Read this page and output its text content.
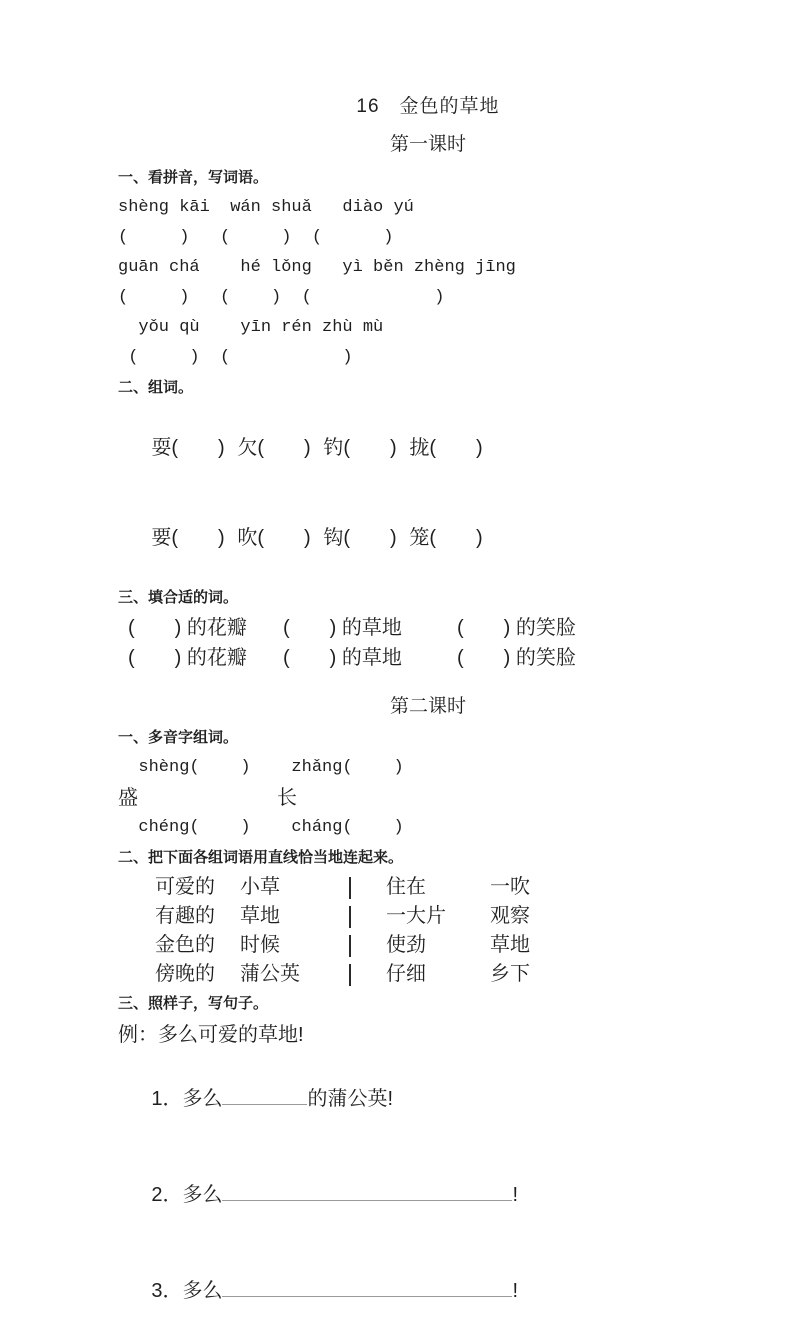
16　金色的草地
第一课时
一、看拼音，写词语。
shèng kāi  wán shuǎ   diào yú
(     )   (     )  (      )
guān chá    hé lǒng   yì běn zhèng jīng
(     )   (    )  (            )
yǒu qù    yīn rén zhù mù
(     )  (           )
二、组词。

耍(　　) 欠(　　) 钓(　　) 拢(　　)

要(　　) 吹(　　) 钩(　　) 笼(　　)

三、填合适的词。
(　　) 的花瓣 (　　) 的草地	(　　) 的笑脸
(　　) 的花瓣 (　　) 的草地	(　　) 的笑脸
第二课时
一、多音字组词。
shèng(    )    zhǎng(    )
盛	长
chéng(    )    cháng(    )
二、把下面各组词语用直线恰当地连起来。
可爱的	小草	住在	一吹
有趣的	草地	一大片	观察
金色的	时候	使劲	草地
傍晚的	蒲公英	仔细	乡下
三、照样子，写句子。
例：多么可爱的草地!

1．多么	的蒲公英!

2．多么	!

3．多么	!
